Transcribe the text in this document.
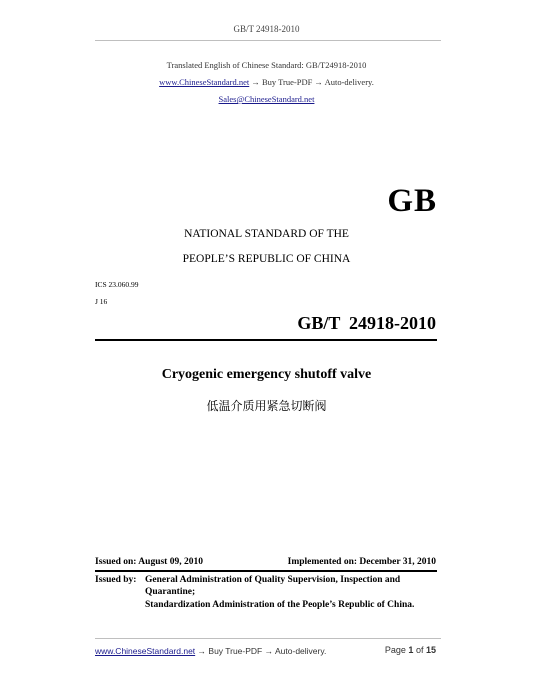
GB/T 24918-2010
Translated English of Chinese Standard: GB/T24918-2010
www.ChineseStandard.net → Buy True-PDF → Auto-delivery.
Sales@ChineseStandard.net
GB
NATIONAL STANDARD OF THE
PEOPLE’S REPUBLIC OF CHINA
ICS 23.060.99
J 16
GB/T  24918-2010
Cryogenic emergency shutoff valve
低温介质用紧急切断阀
Issued on: August 09, 2010	Implemented on: December 31, 2010
Issued by: General Administration of Quality Supervision, Inspection and
Quarantine;
Standardization Administration of the People’s Republic of China.
www.ChineseStandard.net → Buy True-PDF → Auto-delivery.	Page 1 of 15
